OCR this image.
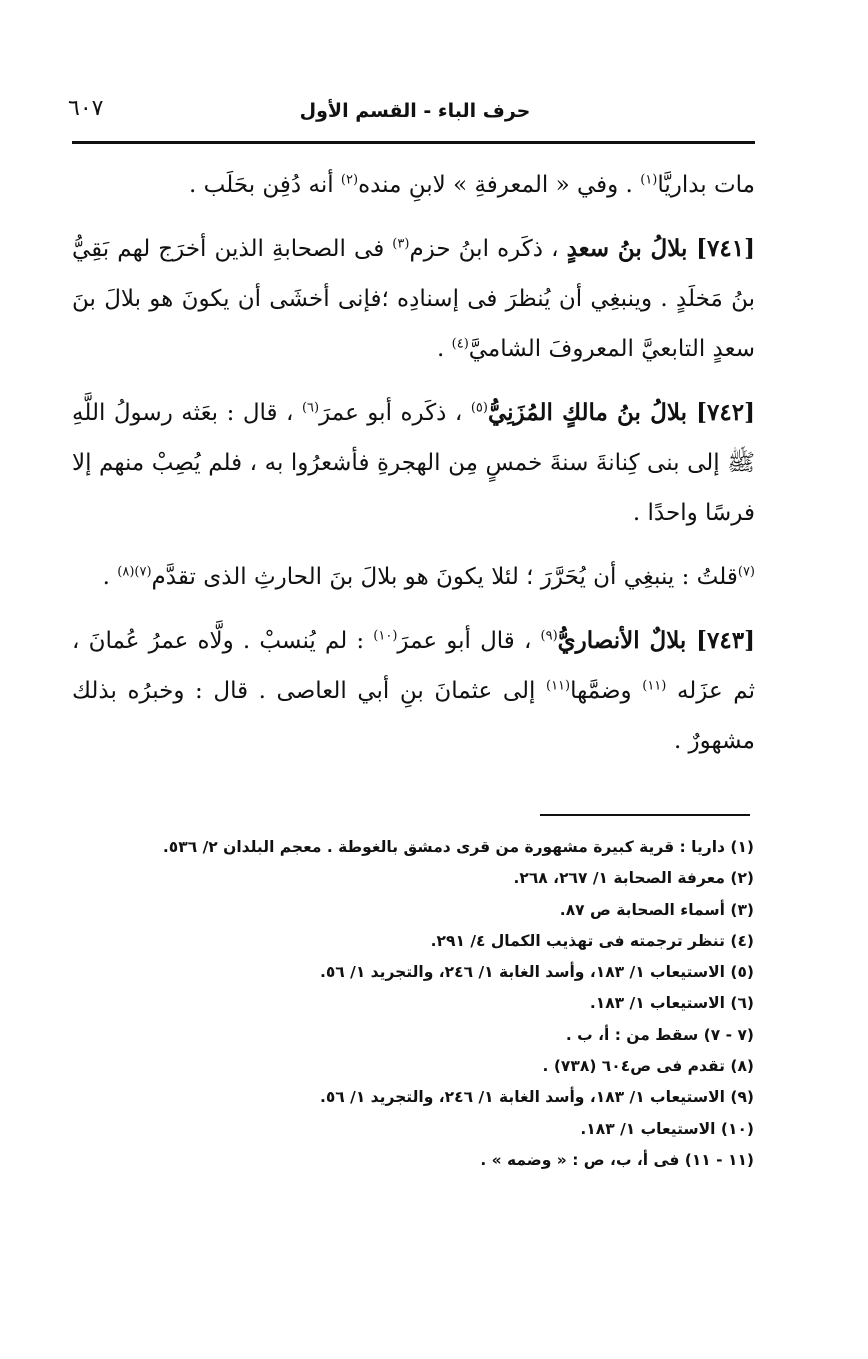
حرف الباء - القسم الأول
٦٠٧

مات بداريَّا$^{(١)}$ . وفي « المعرفةِ » لابنِ منده$^{(٢)}$ أنه دُفِن بحَلَب .

[٧٤١] بلالُ بنُ سعدٍ ، ذكَره ابنُ حزم$^{(٣)}$ فى الصحابةِ الذين أخرَج لهم بَقِيُّ بنُ مَخلَدٍ . وينبغِي أن يُنظرَ فى إسنادِه ؛فإنى أخشَى أن يكونَ هو بلالَ بنَ سعدٍ التابعيَّ المعروفَ الشاميَّ$^{(٤)}$ .

[٧٤٢] بلالُ بنُ مالكٍ المُزَنِيُّ$^{(٥)}$ ، ذكَره أبو عمرَ$^{(٦)}$ ، قال : بعَثه رسولُ اللَّهِ ﷺ إلى بنى كِنانةَ سنةَ خمسٍ مِن الهجرةِ فأشعرُوا به ، فلم يُصِبْ منهم إلا فرسًا واحدًا .

$^{(٧)}$قلتُ : ينبغِي أن يُحَرَّرَ ؛ لئلا يكونَ هو بلالَ بنَ الحارثِ الذى تقدَّم$^{(٧)(٨)}$ .

[٧٤٣] بلالٌ الأنصاريُّ$^{(٩)}$ ، قال أبو عمرَ$^{(١٠)}$ : لم يُنسبْ . ولَّاه عمرُ عُمانَ ، ثم عزَله $^{(١١)}$ وضمَّها$^{(١١)}$ إلى عثمانَ بنِ أبي العاصى . قال : وخبرُه بذلك مشهورٌ .

(١) داريا : قرية كبيرة مشهورة من قرى دمشق بالغوطة . معجم البلدان ٢/ ٥٣٦.
(٢) معرفة الصحابة ١/ ٢٦٧، ٢٦٨.
(٣) أسماء الصحابة ص ٨٧.
(٤) تنظر ترجمته فى تهذيب الكمال ٤/ ٢٩١.
(٥) الاستيعاب ١/ ١٨٣، وأسد الغابة ١/ ٢٤٦، والتجريد ١/ ٥٦.
(٦) الاستيعاب ١/ ١٨٣.
(٧ - ٧) سقط من : أ، ب .
(٨) تقدم فى ص٦٠٤ (٧٣٨) .
(٩) الاستيعاب ١/ ١٨٣، وأسد الغابة ١/ ٢٤٦، والتجريد ١/ ٥٦.
(١٠) الاستيعاب ١/ ١٨٣.
(١١ - ١١) فى أ، ب، ص : « وضمه » .
